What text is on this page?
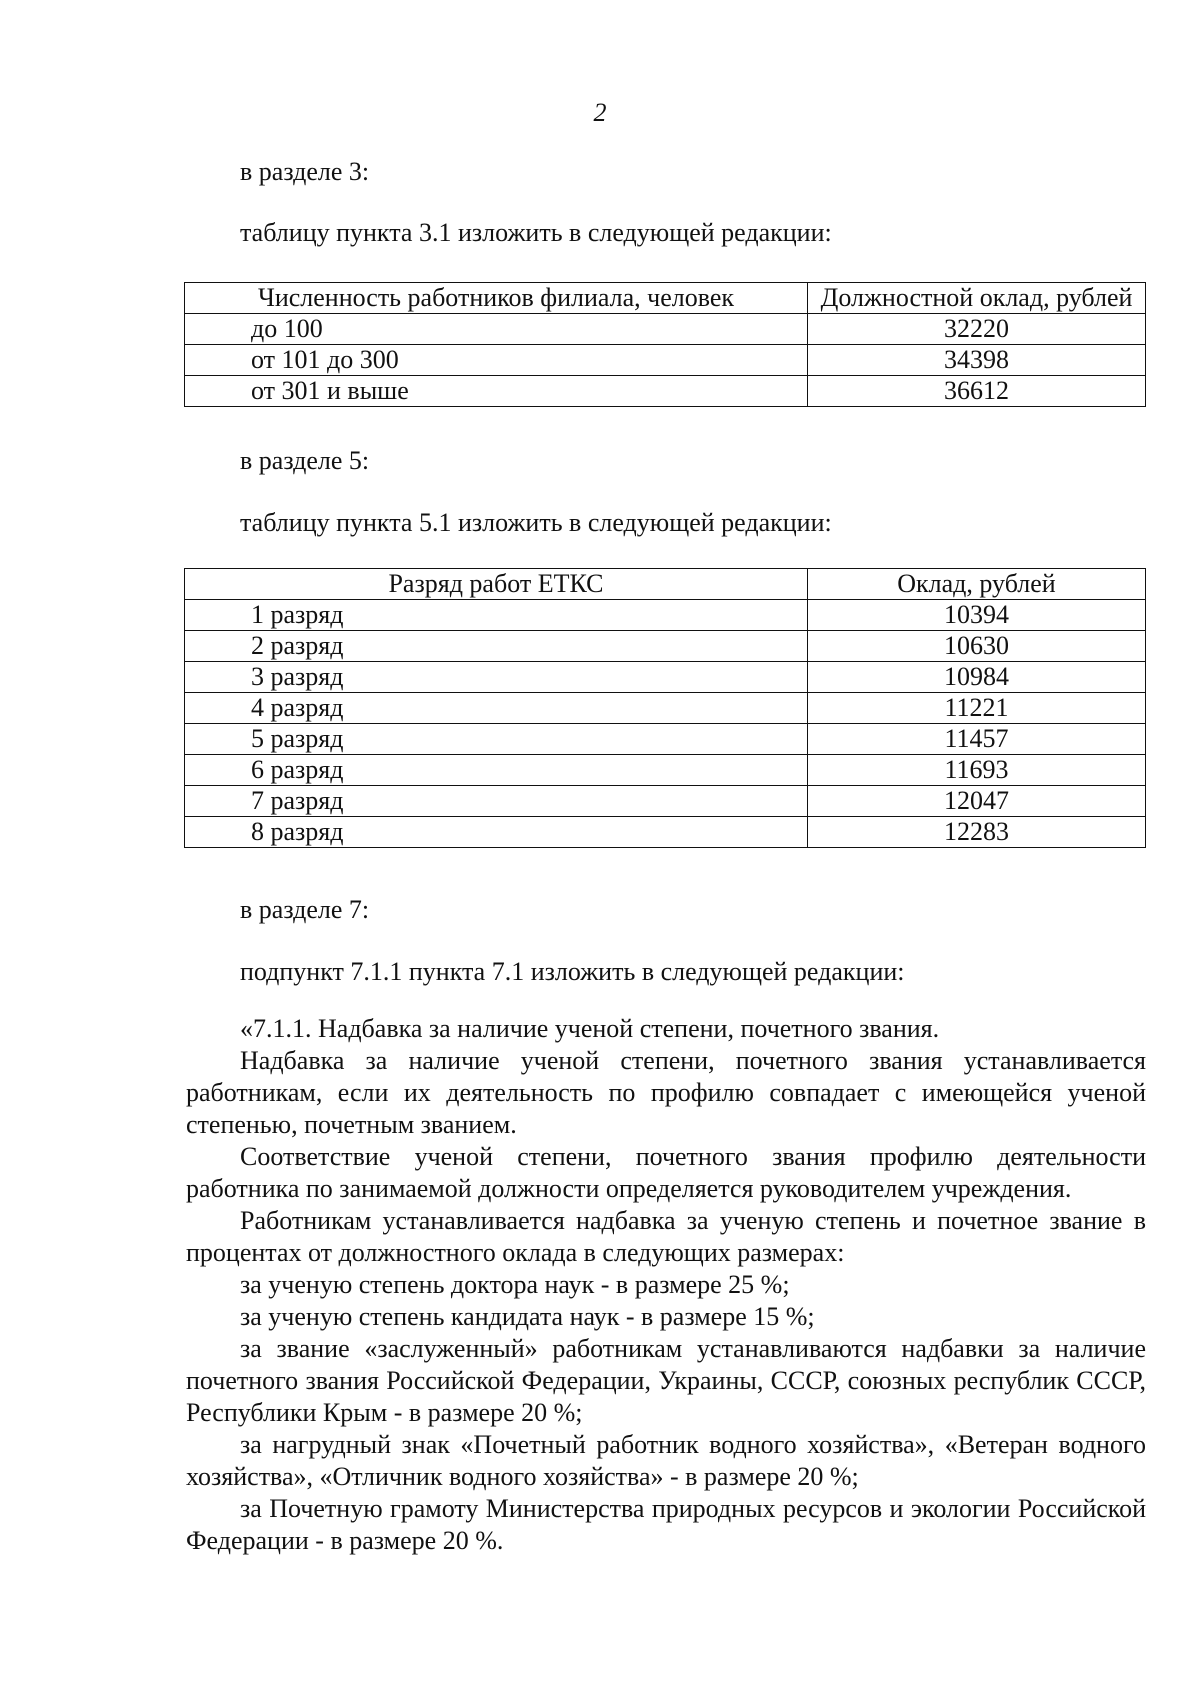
2
в разделе 3:
таблицу пункта 3.1 изложить в следующей редакции:
Численность работников филиала, человек	Должностной оклад, рублей
до 100	32220
от 101 до 300	34398
от 301 и выше	36612
в разделе 5:
таблицу пункта 5.1 изложить в следующей редакции:
Разряд работ ЕТКС	Оклад, рублей
1 разряд	10394
2 разряд	10630
3 разряд	10984
4 разряд	11221
5 разряд	11457
6 разряд	11693
7 разряд	12047
8 разряд	12283
в разделе 7:
подпункт 7.1.1 пункта 7.1 изложить в следующей редакции:

«7.1.1. Надбавка за наличие ученой степени, почетного звания.

Надбавка за наличие ученой степени, почетного звания устанавливается работникам, если их деятельность по профилю совпадает с имеющейся ученой степенью, почетным званием.

Соответствие ученой степени, почетного звания профилю деятельности работника по занимаемой должности определяется руководителем учреждения.

Работникам устанавливается надбавка за ученую степень и почетное звание в процентах от должностного оклада в следующих размерах:

за ученую степень доктора наук - в размере 25 %;

за ученую степень кандидата наук - в размере 15 %;

за звание «заслуженный» работникам устанавливаются надбавки за наличие почетного звания Российской Федерации, Украины, СССР, союзных республик СССР, Республики Крым - в размере 20 %;

за нагрудный знак «Почетный работник водного хозяйства», «Ветеран водного хозяйства», «Отличник водного хозяйства» - в размере 20 %;

за Почетную грамоту Министерства природных ресурсов и экологии Российской Федерации - в размере 20 %.
